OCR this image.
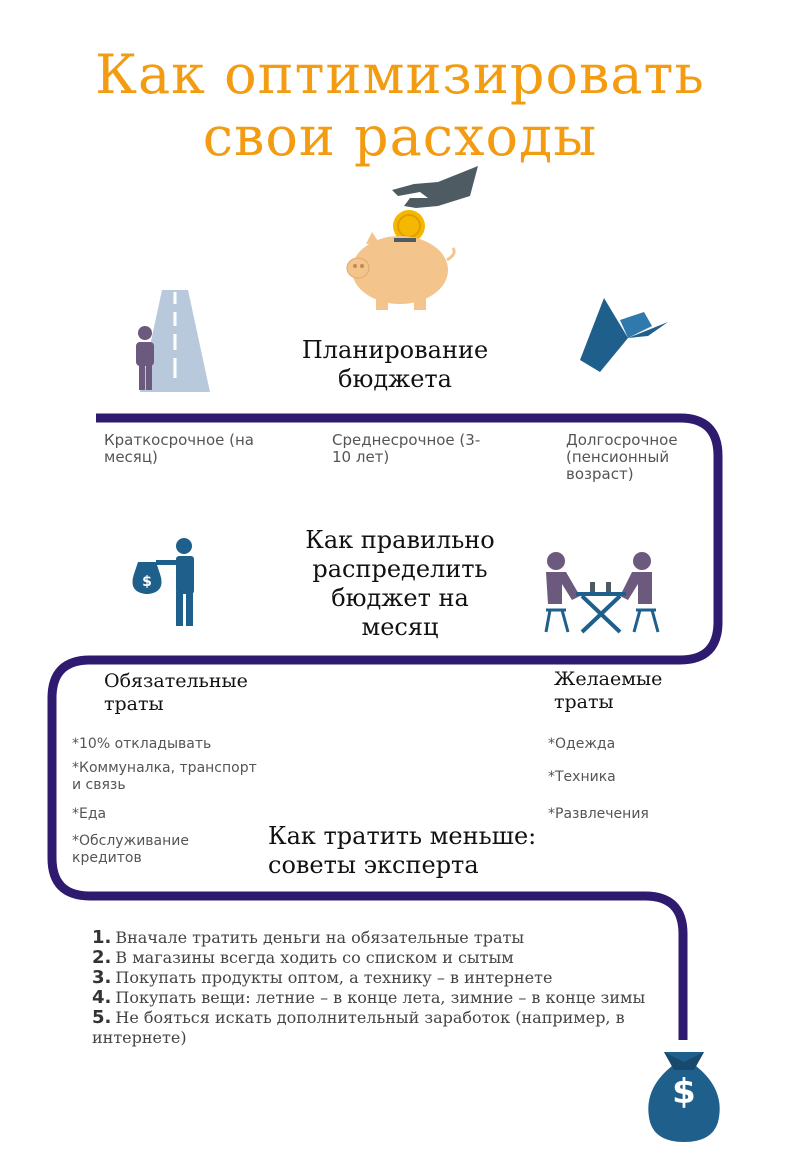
$
Как оптимизировать
свои расходы
Планирование бюджета
Краткосрочное (на месяц)
Среднесрочное (3-10 лет)
Долгосрочное (пенсионный возраст)
Как правильно распределить бюджет на месяц
Обязательные траты
Желаемые траты
*10% откладывать
*Коммуналка, транспорт и связь
*Еда
*Обслуживание кредитов
*Одежда
*Техника
*Развлечения
Как тратить меньше: советы эксперта
1. Вначале тратить деньги на обязательные траты
2. В магазины всегда ходить со списком и сытым
3. Покупать продукты оптом, а технику – в интернете
4. Покупать вещи: летние – в конце лета, зимние – в конце зимы
5. Не бояться искать дополнительный заработок (например, в интернете)
$
